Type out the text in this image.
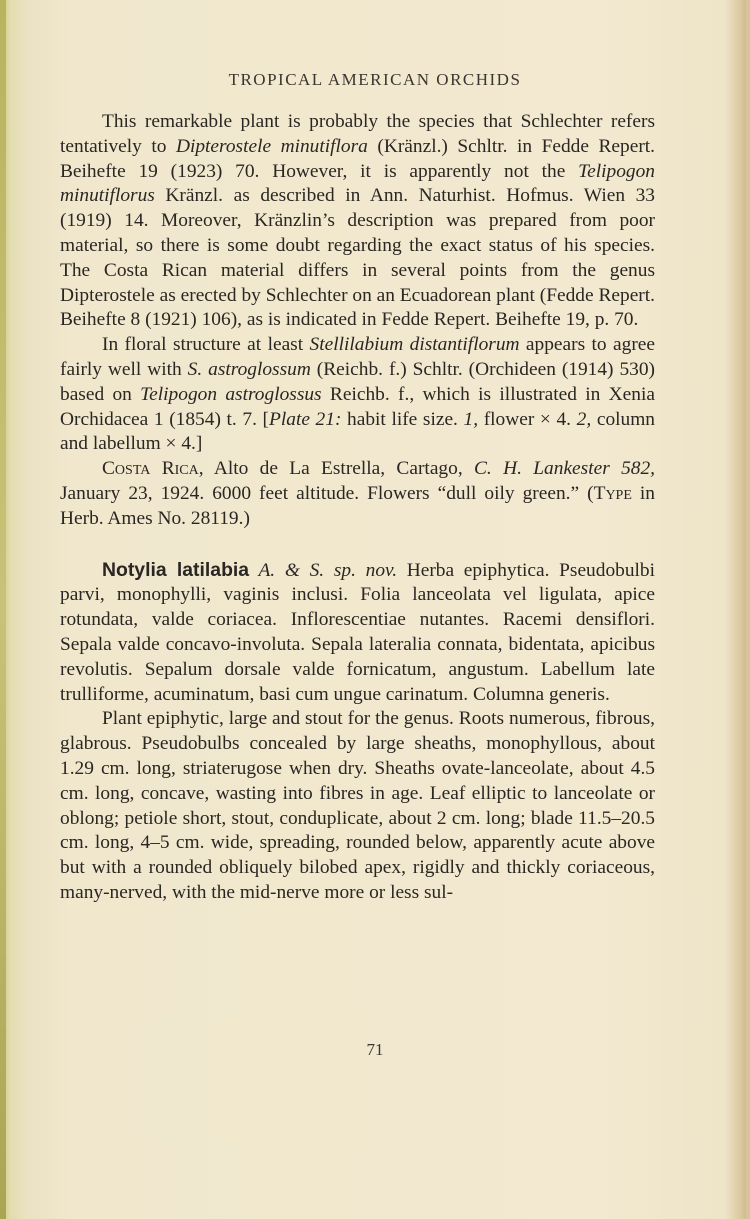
TROPICAL AMERICAN ORCHIDS

This remarkable plant is probably the species that Schlechter refers tentatively to Dipterostele minutiflora (Kränzl.) Schltr. in Fedde Repert. Beihefte 19 (1923) 70. However, it is apparently not the Telipogon minutiflorus Kränzl. as described in Ann. Naturhist. Hofmus. Wien 33 (1919) 14. Moreover, Kränzlin’s description was prepared from poor material, so there is some doubt regarding the exact status of his species. The Costa Rican material differs in several points from the genus Dipterostele as erected by Schlechter on an Ecuadorean plant (Fedde Repert. Beihefte 8 (1921) 106), as is indicated in Fedde Repert. Beihefte 19, p. 70.

In floral structure at least Stellilabium distantiflorum appears to agree fairly well with S. astroglossum (Reichb. f.) Schltr. (Orchideen (1914) 530) based on Telipogon astroglossus Reichb. f., which is illustrated in Xenia Orchidacea 1 (1854) t. 7. [Plate 21: habit life size. 1, flower × 4. 2, column and labellum × 4.]

Costa Rica, Alto de La Estrella, Cartago, C. H. Lankester 582, January 23, 1924. 6000 feet altitude. Flowers “dull oily green.” (Type in Herb. Ames No. 28119.)

Notylia latilabia A. & S. sp. nov. Herba epiphytica. Pseudobulbi parvi, monophylli, vaginis inclusi. Folia lanceolata vel ligulata, apice rotundata, valde coriacea. Inflorescentiae nutantes. Racemi densiflori. Sepala valde concavo-involuta. Sepala lateralia connata, bidentata, apicibus revolutis. Sepalum dorsale valde fornicatum, angustum. Labellum late trulliforme, acuminatum, basi cum ungue carinatum. Columna generis.

Plant epiphytic, large and stout for the genus. Roots numerous, fibrous, glabrous. Pseudobulbs concealed by large sheaths, monophyllous, about 1.29 cm. long, striaterugose when dry. Sheaths ovate-lanceolate, about 4.5 cm. long, concave, wasting into fibres in age. Leaf elliptic to lanceolate or oblong; petiole short, stout, conduplicate, about 2 cm. long; blade 11.5–20.5 cm. long, 4–5 cm. wide, spreading, rounded below, apparently acute above but with a rounded obliquely bilobed apex, rigidly and thickly coriaceous, many-nerved, with the mid-nerve more or less sul-

71
